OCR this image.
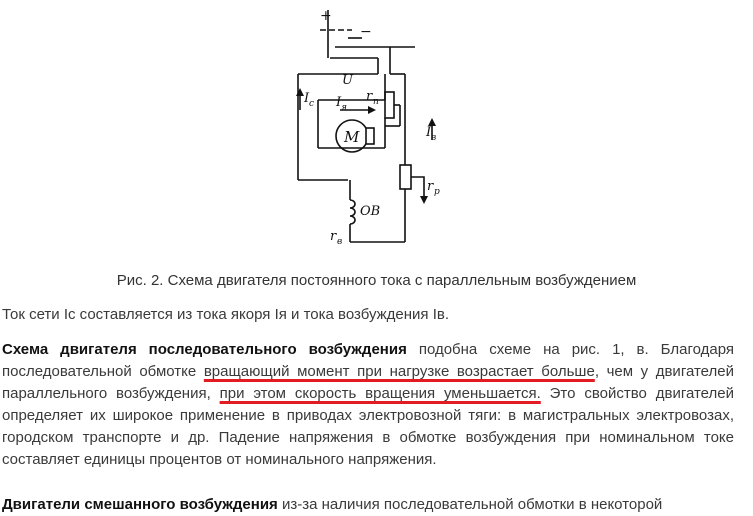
+
−
U
I c I я
r п
M	I в
r р
ОВ
r в
Рис. 2. Схема двигателя постоянного тока с параллельным возбуждением

Ток сети Iс составляется из тока якоря Iя и тока возбуждения Iв.

Схема двигателя последовательного возбуждения подобна схеме на рис. 1, в. Благодаря последовательной обмотке вращающий момент при нагрузке возрастает больше, чем у двигателей параллельного возбуждения, при этом скорость вращения уменьшается. Это свойство двигателей определяет их широкое применение в приводах электровозной тяги: в магистральных электровозах, городском транспорте и др. Падение напряжения в обмотке возбуждения при номинальном токе составляет единицы процентов от номинального напряжения.

Двигатели смешанного возбуждения из-за наличия последовательной обмотки в некоторой
